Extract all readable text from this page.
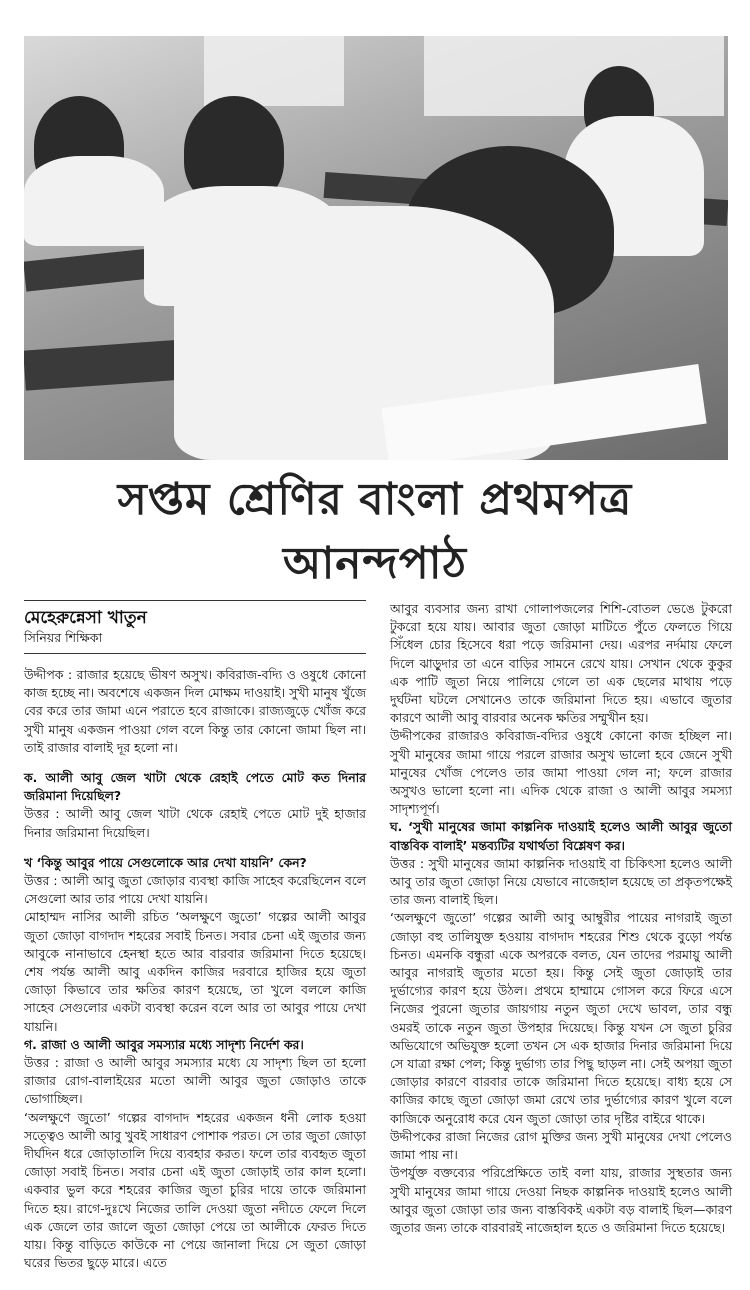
সপ্তম শ্রেণির বাংলা প্রথমপত্র
আনন্দপাঠ
মেহেরুন্নেসা খাতুন
সিনিয়র শিক্ষিকা

উদ্দীপক : রাজার হয়েছে ভীষণ অসুখ। কবিরাজ-বদ্যি ও ওষুধে কোনো কাজ হচ্ছে না। অবশেষে একজন দিল মোক্ষম দাওয়াই। সুখী মানুষ খুঁজে বের করে তার জামা এনে পরাতে হবে রাজাকে। রাজ্যজুড়ে খোঁজ করে সুখী মানুষ একজন পাওয়া গেল বলে কিন্তু তার কোনো জামা ছিল না। তাই রাজার বালাই দূর হলো না।

ক. আলী আবু জেল খাটা থেকে রেহাই পেতে মোট কত দিনার জরিমানা দিয়েছিল?

উত্তর : আলী আবু জেল খাটা থেকে রেহাই পেতে মোট দুই হাজার দিনার জরিমানা দিয়েছিল।

খ ‘কিন্তু আবুর পায়ে সেগুলোকে আর দেখা যায়নি’ কেন?

উত্তর : আলী আবু জুতা জোড়ার ব্যবস্থা কাজি সাহেব করেছিলেন বলে সেগুলো আর তার পায়ে দেখা যায়নি।

মোহাম্মদ নাসির আলী রচিত ‘অলক্ষুণে জুতো’ গল্পের আলী আবুর জুতা জোড়া বাগদাদ শহরের সবাই চিনত। সবার চেনা এই জুতার জন্য আবুকে নানাভাবে হেনস্থা হতে আর বারবার জরিমানা দিতে হয়েছে। শেষ পর্যন্ত আলী আবু একদিন কাজির দরবারে হাজির হয়ে জুতা জোড়া কিভাবে তার ক্ষতির কারণ হয়েছে, তা খুলে বললে কাজি সাহেব সেগুলোর একটা ব্যবস্থা করেন বলে আর তা আবুর পায়ে দেখা যায়নি।

গ. রাজা ও আলী আবুর সমস্যার মধ্যে সাদৃশ্য নির্দেশ কর।

উত্তর : রাজা ও আলী আবুর সমস্যার মধ্যে যে সাদৃশ্য ছিল তা হলো রাজার রোগ-বালাইয়ের মতো আলী আবুর জুতা জোড়াও তাকে ভোগাচ্ছিল।

‘অলক্ষুণে জুতো’ গল্পের বাগদাদ শহরের একজন ধনী লোক হওয়া সত্ত্বেও আলী আবু খুবই সাধারণ পোশাক পরত। সে তার জুতা জোড়া দীর্ঘদিন ধরে জোড়াতালি দিয়ে ব্যবহার করত। ফলে তার ব্যবহৃত জুতা জোড়া সবাই চিনত। সবার চেনা এই জুতা জোড়াই তার কাল হলো। একবার ভুল করে শহরের কাজির জুতা চুরির দায়ে তাকে জরিমানা দিতে হয়। রাগে-দুঃখে নিজের তালি দেওয়া জুতা নদীতে ফেলে দিলে এক জেলে তার জালে জুতা জোড়া পেয়ে তা আলীকে ফেরত দিতে যায়। কিন্তু বাড়িতে কাউকে না পেয়ে জানালা দিয়ে সে জুতা জোড়া ঘরের ভিতর ছুড়ে মারে। এতে

আবুর ব্যবসার জন্য রাখা গোলাপজলের শিশি-বোতল ভেঙে টুকরো টুকরো হয়ে যায়। আবার জুতা জোড়া মাটিতে পুঁতে ফেলতে গিয়ে সিঁধেল চোর হিসেবে ধরা পড়ে জরিমানা দেয়। এরপর নর্দমায় ফেলে দিলে ঝাড়ুদার তা এনে বাড়ির সামনে রেখে যায়। সেখান থেকে কুকুর এক পাটি জুতা নিয়ে পালিয়ে গেলে তা এক ছেলের মাথায় পড়ে দুর্ঘটনা ঘটলে সেখানেও তাকে জরিমানা দিতে হয়। এভাবে জুতার কারণে আলী আবু বারবার অনেক ক্ষতির সম্মুখীন হয়।

উদ্দীপকের রাজারও কবিরাজ-বদ্যির ওষুধে কোনো কাজ হচ্ছিল না। সুখী মানুষের জামা গায়ে পরলে রাজার অসুখ ভালো হবে জেনে সুখী মানুষের খোঁজ পেলেও তার জামা পাওয়া গেল না; ফলে রাজার অসুখও ভালো হলো না। এদিক থেকে রাজা ও আলী আবুর সমস্যা সাদৃশ্যপূর্ণ।

ঘ. ‘সুখী মানুষের জামা কাল্পনিক দাওয়াই হলেও আলী আবুর জুতো বাস্তবিক বালাই’ মন্তব্যটির যথার্থতা বিশ্লেষণ কর।

উত্তর : সুখী মানুষের জামা কাল্পনিক দাওয়াই বা চিকিৎসা হলেও আলী আবু তার জুতা জোড়া নিয়ে যেভাবে নাজেহাল হয়েছে তা প্রকৃতপক্ষেই তার জন্য বালাই ছিল।

‘অলক্ষুণে জুতো’ গল্পের আলী আবু আম্বুরীর পায়ের নাগরাই জুতা জোড়া বহু তালিযুক্ত হওয়ায় বাগদাদ শহরের শিশু থেকে বুড়ো পর্যন্ত চিনত। এমনকি বন্ধুরা একে অপরকে বলত, যেন তাদের পরমায়ু আলী আবুর নাগরাই জুতার মতো হয়। কিন্তু সেই জুতা জোড়াই তার দুর্ভাগ্যের কারণ হয়ে উঠল। প্রথমে হাম্মামে গোসল করে ফিরে এসে নিজের পুরনো জুতার জায়গায় নতুন জুতা দেখে ভাবল, তার বন্ধু ওমরই তাকে নতুন জুতা উপহার দিয়েছে। কিন্তু যখন সে জুতা চুরির অভিযোগে অভিযুক্ত হলো তখন সে এক হাজার দিনার জরিমানা দিয়ে সে যাত্রা রক্ষা পেল; কিন্তু দুর্ভাগ্য তার পিছু ছাড়ল না। সেই অপয়া জুতা জোড়ার কারণে বারবার তাকে জরিমানা দিতে হয়েছে। বাধ্য হয়ে সে কাজির কাছে জুতা জোড়া জমা রেখে তার দুর্ভাগ্যের কারণ খুলে বলে কাজিকে অনুরোধ করে যেন জুতা জোড়া তার দৃষ্টির বাইরে থাকে।

উদ্দীপকের রাজা নিজের রোগ মুক্তির জন্য সুখী মানুষের দেখা পেলেও জামা পায় না।

উপর্যুক্ত বক্তব্যের পরিপ্রেক্ষিতে তাই বলা যায়, রাজার সুস্থতার জন্য সুখী মানুষের জামা গায়ে দেওয়া নিছক কাল্পনিক দাওয়াই হলেও আলী আবুর জুতা জোড়া তার জন্য বাস্তবিকই একটা বড় বালাই ছিল—কারণ জুতার জন্য তাকে বারবারই নাজেহাল হতে ও জরিমানা দিতে হয়েছে।
